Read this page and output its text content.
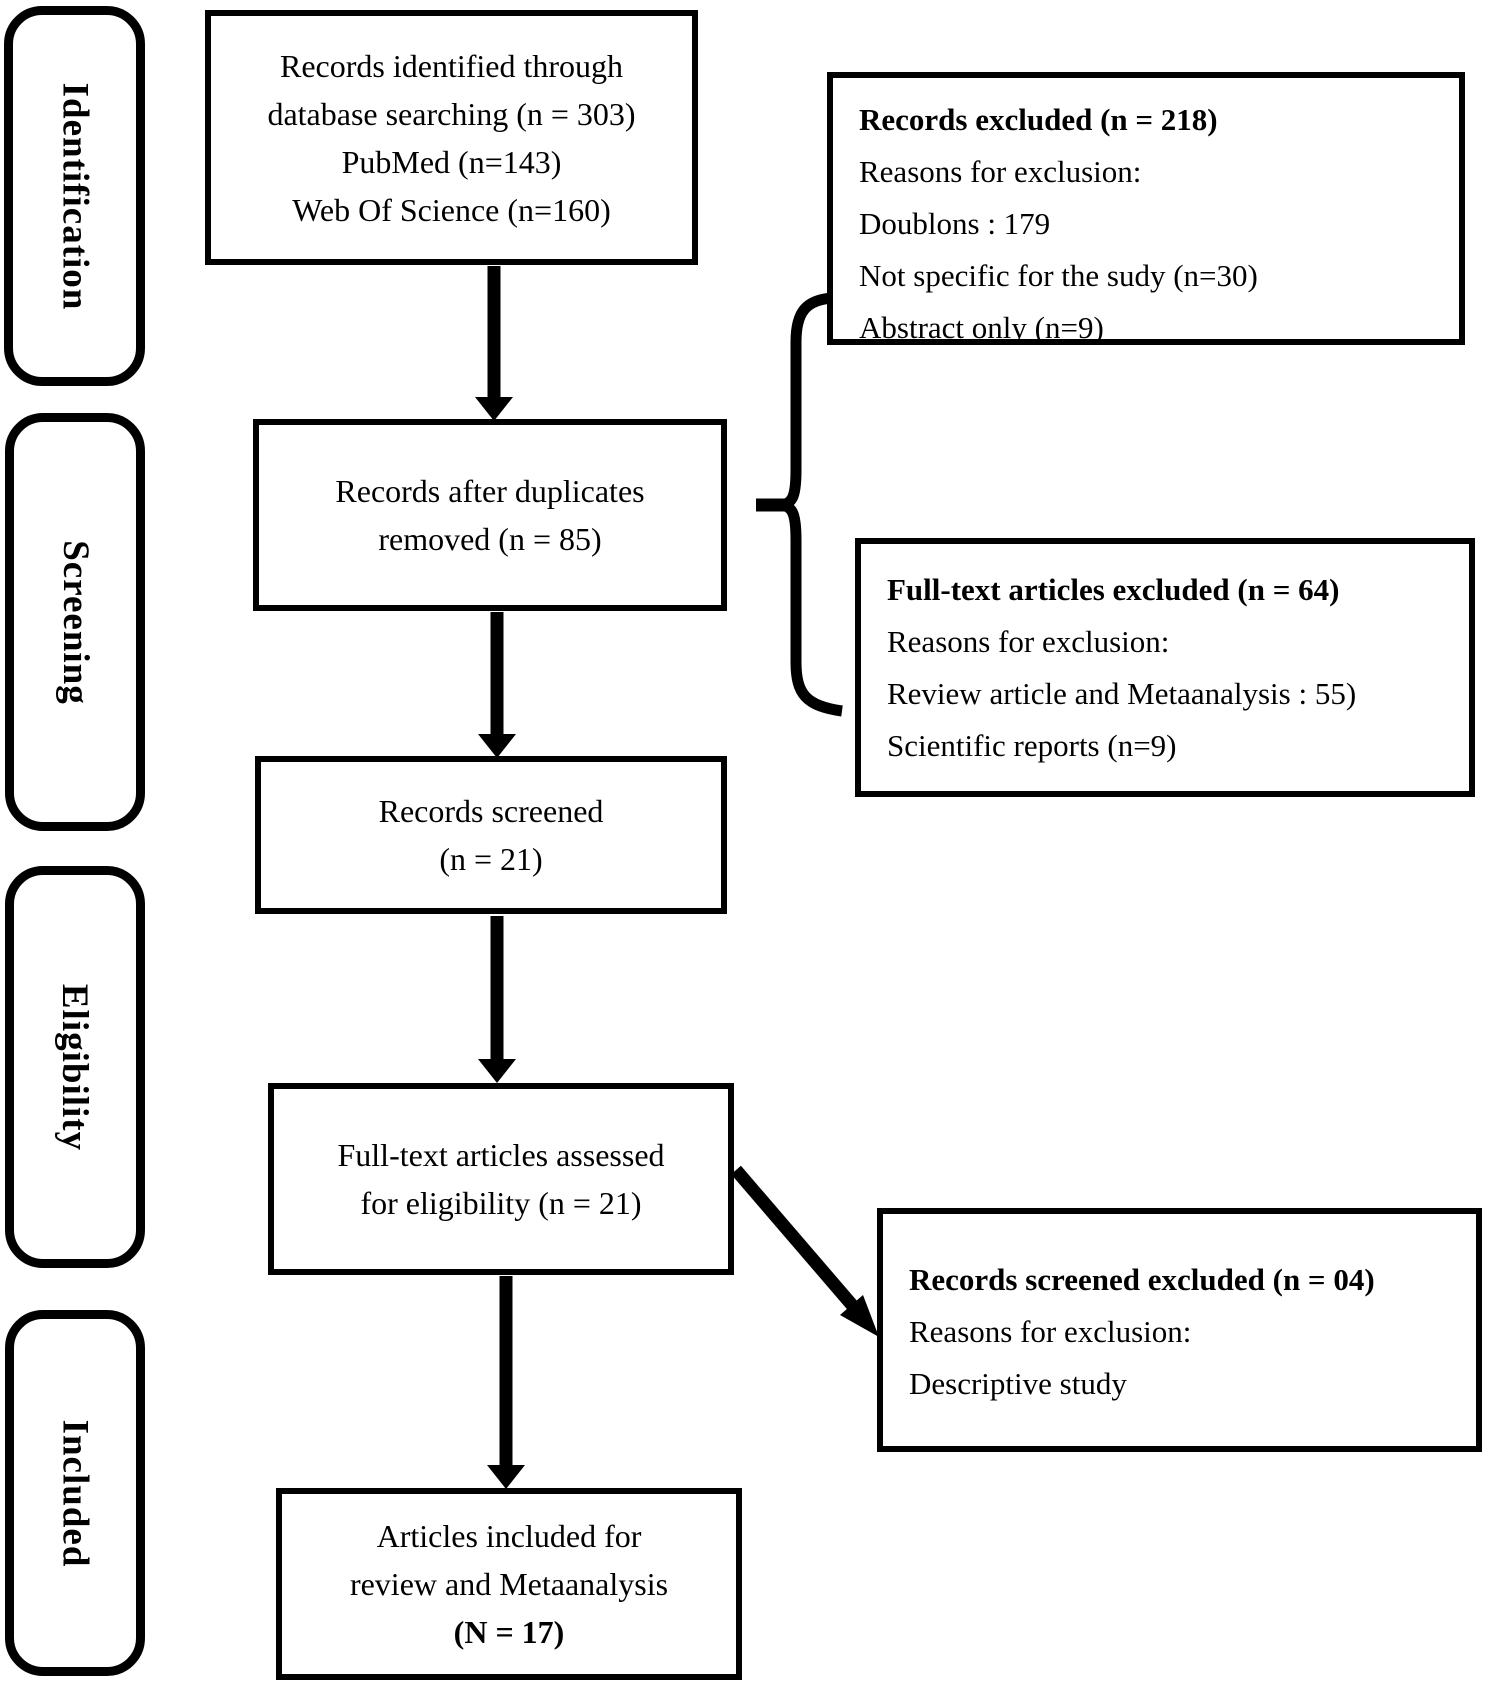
Identification
Screening
Eligibility
Included
Records identified through
database searching (n = 303)
PubMed (n=143)
Web Of Science (n=160)
Records after duplicates
removed (n = 85)
Records screened
(n = 21)
Full-text articles assessed
for eligibility (n = 21)
Articles included for
review and Metaanalysis
(N = 17)
Records excluded (n = 218)
Reasons for exclusion:
Doublons : 179
Not specific for the sudy (n=30)
Abstract only (n=9)
Full-text articles excluded (n = 64)
Reasons for exclusion:
Review article and Metaanalysis : 55)
Scientific reports (n=9)
Records screened excluded (n = 04)
Reasons for exclusion:
Descriptive study
